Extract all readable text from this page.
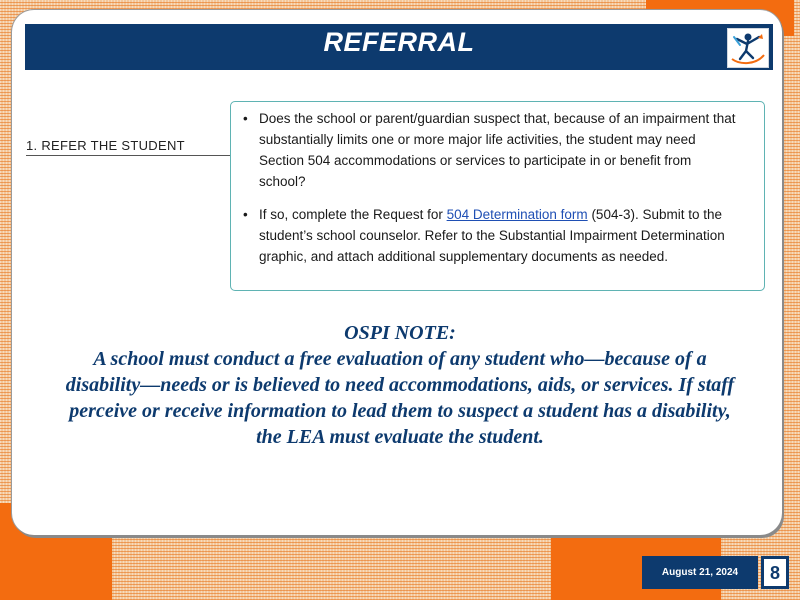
REFERRAL
1. REFER THE STUDENT
• Does the school or parent/guardian suspect that, because of an impairment that substantially limits one or more major life activities, the student may need Section 504 accommodations or services to participate in or benefit from school?
• If so, complete the Request for 504 Determination form (504-3). Submit to the student’s school counselor. Refer to the Substantial Impairment Determination graphic, and attach additional supplementary documents as needed.
OSPI NOTE:
A school must conduct a free evaluation of any student who—because of a disability—needs or is believed to need accommodations, aids, or services. If staff perceive or receive information to lead them to suspect a student has a disability, the LEA must evaluate the student.
August 21, 2024	8
